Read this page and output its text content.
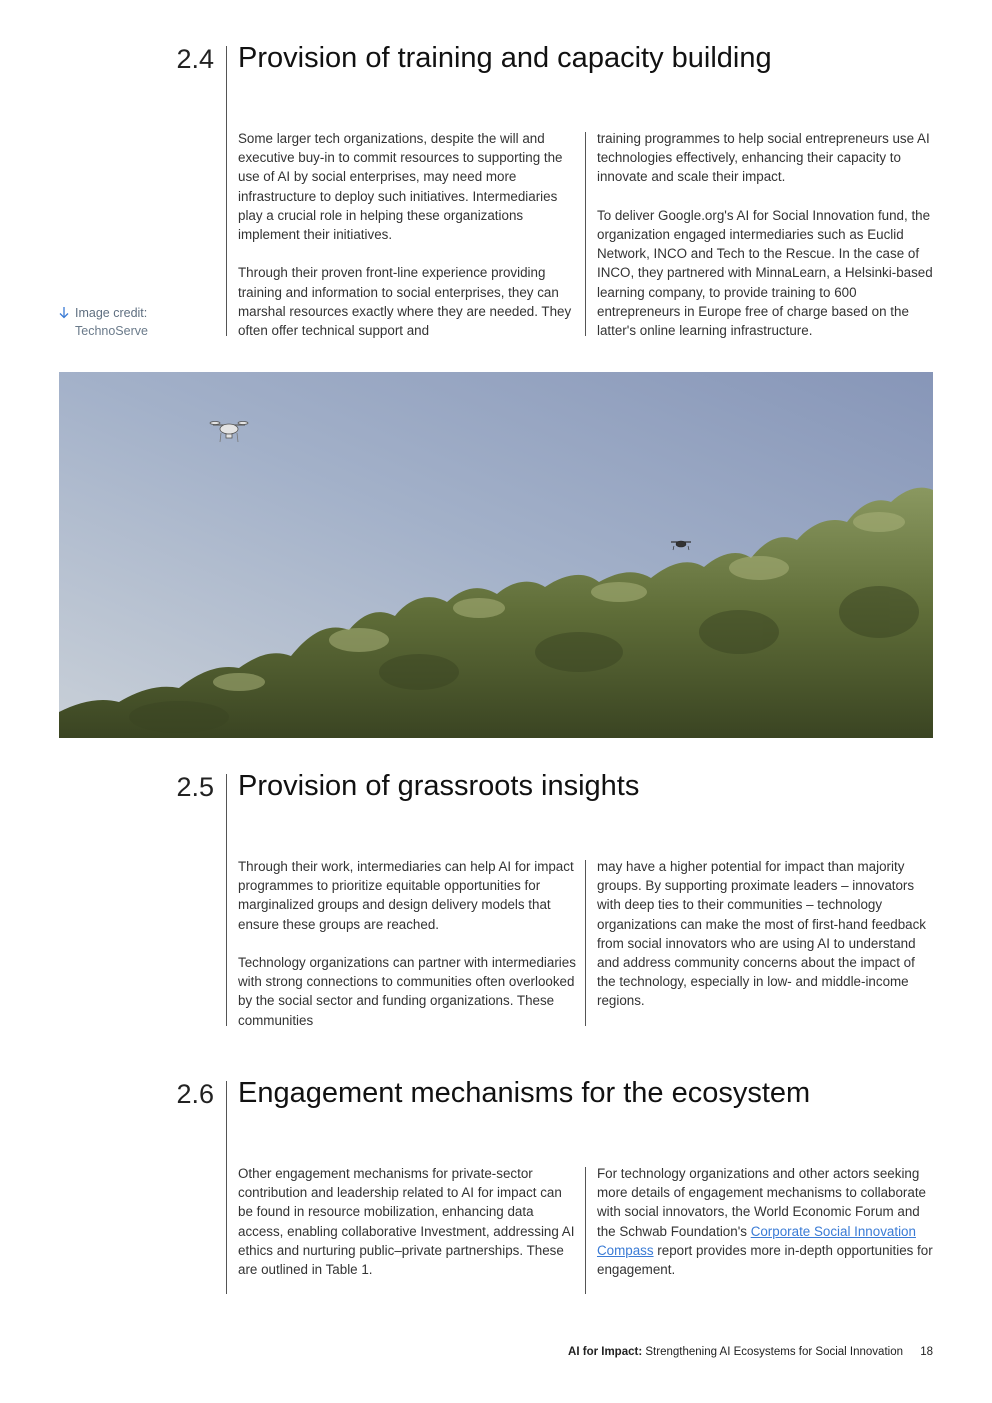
2.4 Provision of training and capacity building

Some larger tech organizations, despite the will and executive buy-in to commit resources to supporting the use of AI by social enterprises, may need more infrastructure to deploy such initiatives. Intermediaries play a crucial role in helping these organizations implement their initiatives.

Through their proven front-line experience providing training and information to social enterprises, they can marshal resources exactly where they are needed. They often offer technical support and

training programmes to help social entrepreneurs use AI technologies effectively, enhancing their capacity to innovate and scale their impact.

To deliver Google.org's AI for Social Innovation fund, the organization engaged intermediaries such as Euclid Network, INCO and Tech to the Rescue. In the case of INCO, they partnered with MinnaLearn, a Helsinki-based learning company, to provide training to 600 entrepreneurs in Europe free of charge based on the latter's online learning infrastructure.

Image credit:
TechnoServe
2.5 Provision of grassroots insights

Through their work, intermediaries can help AI for impact programmes to prioritize equitable opportunities for marginalized groups and design delivery models that ensure these groups are reached.

Technology organizations can partner with intermediaries with strong connections to communities often overlooked by the social sector and funding organizations. These communities

may have a higher potential for impact than majority groups. By supporting proximate leaders – innovators with deep ties to their communities – technology organizations can make the most of first-hand feedback from social innovators who are using AI to understand and address community concerns about the impact of the technology, especially in low- and middle-income regions.

2.6 Engagement mechanisms for the ecosystem

Other engagement mechanisms for private-sector contribution and leadership related to AI for impact can be found in resource mobilization, enhancing data access, enabling collaborative Investment, addressing AI ethics and nurturing public–private partnerships. These are outlined in Table 1.

For technology organizations and other actors seeking more details of engagement mechanisms to collaborate with social innovators, the World Economic Forum and the Schwab Foundation's Corporate Social Innovation Compass report provides more in-depth opportunities for engagement.

AI for Impact: Strengthening AI Ecosystems for Social Innovation 18
